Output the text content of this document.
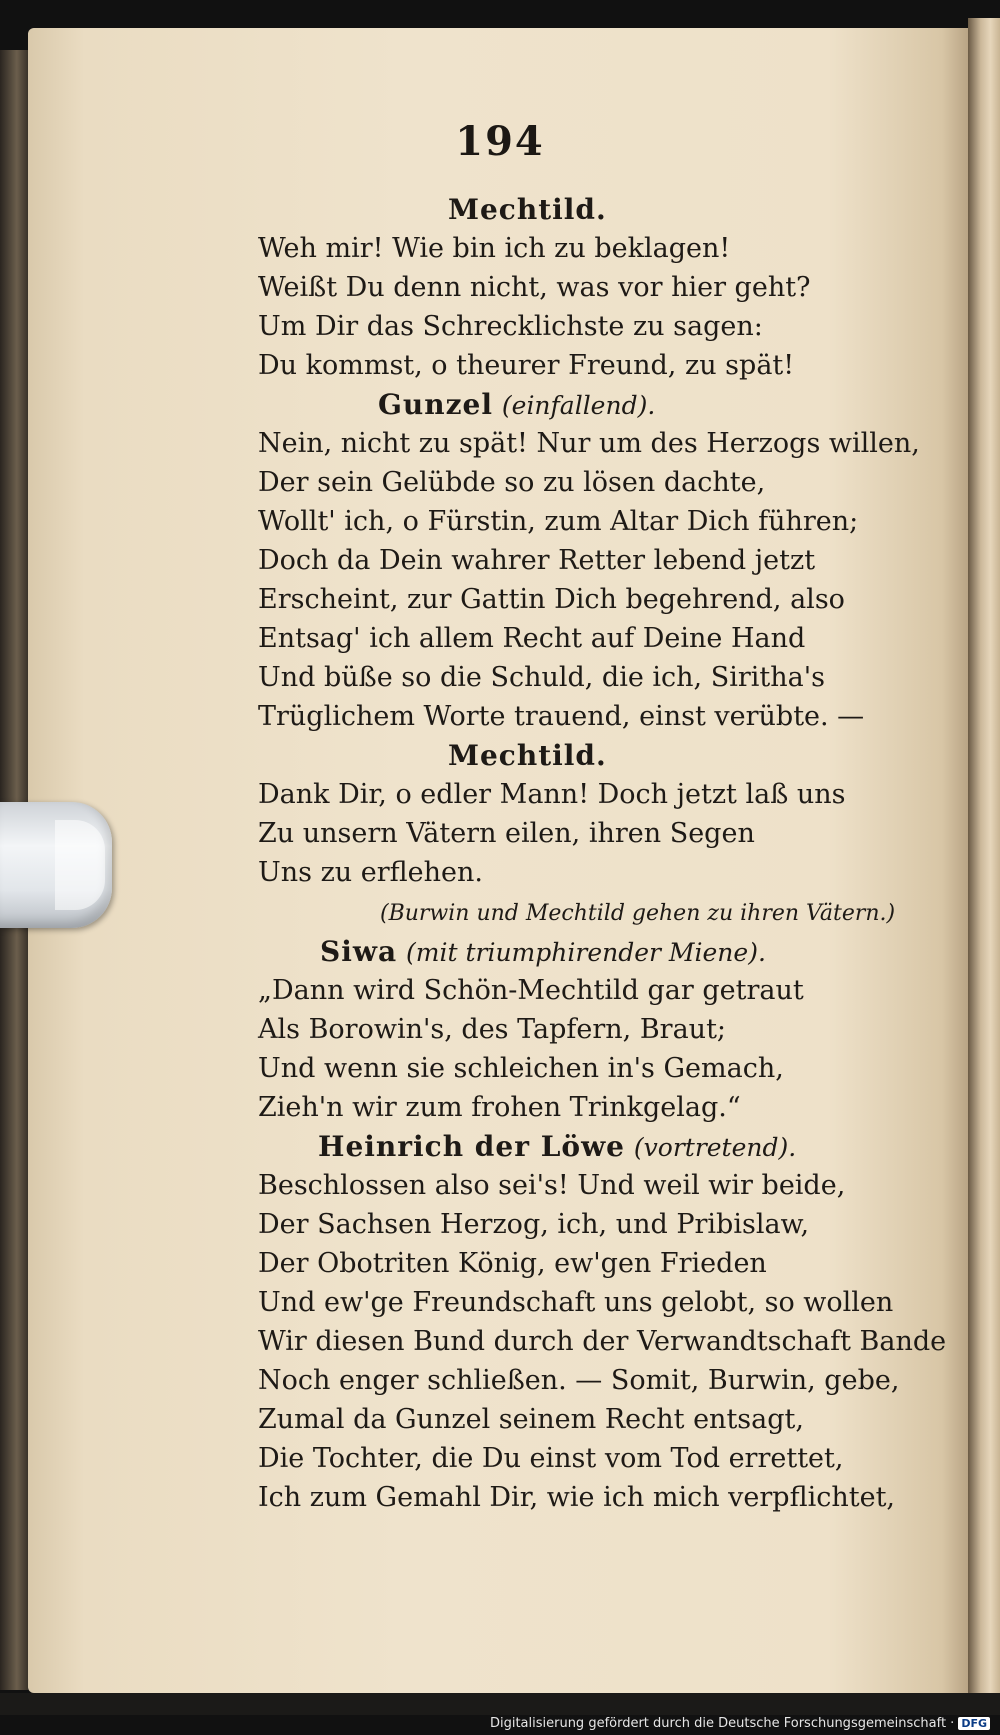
194
Mechtild.
Weh mir! Wie bin ich zu beklagen!
Weißt Du denn nicht, was vor hier geht?
Um Dir das Schrecklichste zu sagen:
Du kommst, o theurer Freund, zu spät!
Gunzel (einfallend).
Nein, nicht zu spät! Nur um des Herzogs willen,
Der sein Gelübde so zu lösen dachte,
Wollt' ich, o Fürstin, zum Altar Dich führen;
Doch da Dein wahrer Retter lebend jetzt
Erscheint, zur Gattin Dich begehrend, also
Entsag' ich allem Recht auf Deine Hand
Und büße so die Schuld, die ich, Siritha's
Trüglichem Worte trauend, einst verübte. —
Mechtild.
Dank Dir, o edler Mann! Doch jetzt laß uns
Zu unsern Vätern eilen, ihren Segen
Uns zu erflehen.
(Burwin und Mechtild gehen zu ihren Vätern.)
Siwa (mit triumphirender Miene).
„Dann wird Schön-Mechtild gar getraut
Als Borowin's, des Tapfern, Braut;
Und wenn sie schleichen in's Gemach,
Zieh'n wir zum frohen Trinkgelag.“
Heinrich der Löwe (vortretend).
Beschlossen also sei's! Und weil wir beide,
Der Sachsen Herzog, ich, und Pribislaw,
Der Obotriten König, ew'gen Frieden
Und ew'ge Freundschaft uns gelobt, so wollen
Wir diesen Bund durch der Verwandtschaft Bande
Noch enger schließen. — Somit, Burwin, gebe,
Zumal da Gunzel seinem Recht entsagt,
Die Tochter, die Du einst vom Tod errettet,
Ich zum Gemahl Dir, wie ich mich verpflichtet,
Digitalisierung gefördert durch die Deutsche Forschungsgemeinschaft · DFG
